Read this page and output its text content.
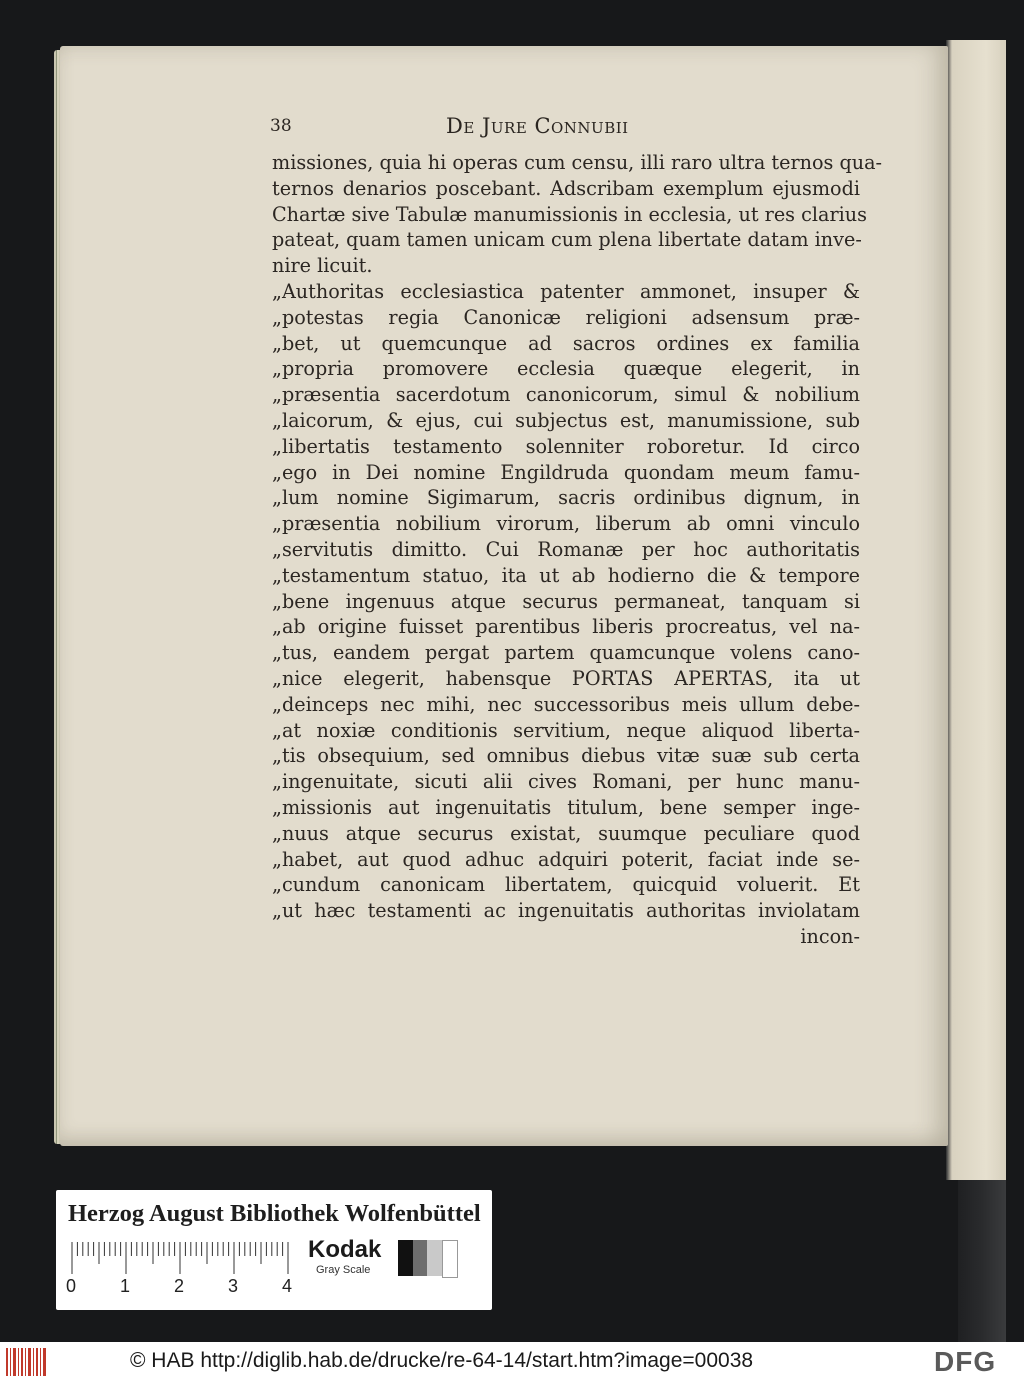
38	De Jure Connubii
missiones, quia hi operas cum censu, illi raro ultra ternos qua-
ternos denarios poscebant. Adscribam exemplum ejusmodi
Chartæ sive Tabulæ manumissionis in ecclesia, ut res clarius
pateat, quam tamen unicam cum plena libertate datam inve-
nire licuit.
„Authoritas ecclesiastica patenter ammonet, insuper &
„potestas regia Canonicæ religioni adsensum præ-
„bet, ut quemcunque ad sacros ordines ex familia
„propria promovere ecclesia quæque elegerit, in
„præsentia sacerdotum canonicorum, simul & nobilium
„laicorum, & ejus, cui subjectus est, manumissione, sub
„libertatis testamento solenniter roboretur. Id circo
„ego in Dei nomine Engildruda quondam meum famu-
„lum nomine Sigimarum, sacris ordinibus dignum, in
„præsentia nobilium virorum, liberum ab omni vinculo
„servitutis dimitto. Cui Romanæ per hoc authoritatis
„testamentum statuo, ita ut ab hodierno die & tempore
„bene ingenuus atque securus permaneat, tanquam si
„ab origine fuisset parentibus liberis procreatus, vel na-
„tus, eandem pergat partem quamcunque volens cano-
„nice elegerit, habensque PORTAS APERTAS, ita ut
„deinceps nec mihi, nec successoribus meis ullum debe-
„at noxiæ conditionis servitium, neque aliquod liberta-
„tis obsequium, sed omnibus diebus vitæ suæ sub certa
„ingenuitate, sicuti alii cives Romani, per hunc manu-
„missionis aut ingenuitatis titulum, bene semper inge-
„nuus atque securus existat, suumque peculiare quod
„habet, aut quod adhuc adquiri poterit, faciat inde se-
„cundum canonicam libertatem, quicquid voluerit. Et
„ut hæc testamenti ac ingenuitatis authoritas inviolatam
incon-
Herzog August Bibliothek Wolfenbüttel
0 1 2 3 4
Kodak
Gray Scale
© HAB http://diglib.hab.de/drucke/re-64-14/start.htm?image=00038	DFG
